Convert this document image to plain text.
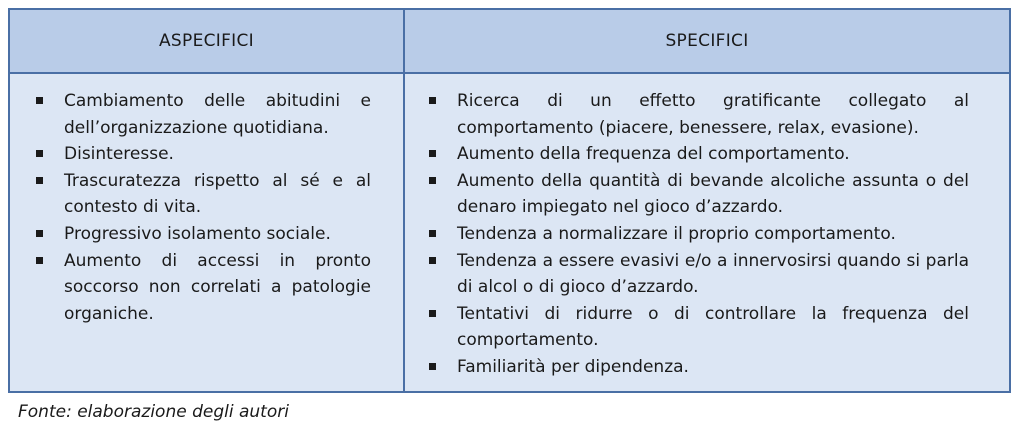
ASPECIFICI	SPECIFICI
Cambiamento delle abitudini e dell’organizzazione quotidiana.
Disinteresse.
Trascuratezza rispetto al sé e al contesto di vita.
Progressivo isolamento sociale.
Aumento di accessi in pronto soccorso non correlati a patologie organiche.
Ricerca di un effetto gratificante collegato al comportamento (piacere, benessere, relax, evasione).
Aumento della frequenza del comportamento.
Aumento della quantità di bevande alcoliche assunta o del denaro impiegato nel gioco d’azzardo.
Tendenza a normalizzare il proprio comportamento.
Tendenza a essere evasivi e/o a innervosirsi quando si parla di alcol o di gioco d’azzardo.
Tentativi di ridurre o di controllare la frequenza del comportamento.
Familiarità per dipendenza.
Fonte: elaborazione degli autori
